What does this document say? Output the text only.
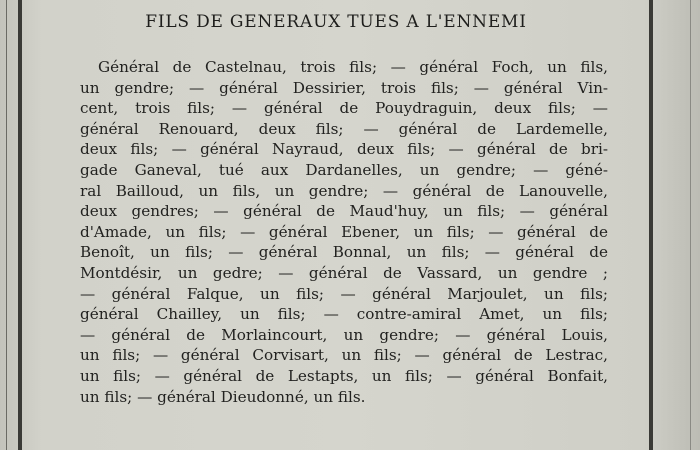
FILS DE GENERAUX TUES A L'ENNEMI
Général de Castelnau, trois fils; — général Foch, un fils,
un gendre; — général Dessirier, trois fils; — général Vin-
cent, trois fils; — général de Pouydraguin, deux fils; —
général Renouard, deux fils; — général de Lardemelle,
deux fils; — général Nayraud, deux fils; — général de bri-
gade Ganeval, tué aux Dardanelles, un gendre; — géné-
ral Bailloud, un fils, un gendre; — général de Lanouvelle,
deux gendres; — général de Maud'huy, un fils; — général
d'Amade, un fils; — général Ebener, un fils; — général de
Benoît, un fils; — général Bonnal, un fils; — général de
Montdésir, un gedre; — général de Vassard, un gendre ;
— général Falque, un fils; — général Marjoulet, un fils;
général Chailley, un fils; — contre-amiral Amet, un fils;
— général de Morlaincourt, un gendre; — général Louis,
un fils; — général Corvisart, un fils; — général de Lestrac,
un fils; — général de Lestapts, un fils; — général Bonfait,
un fils; — général Dieudonné, un fils.
